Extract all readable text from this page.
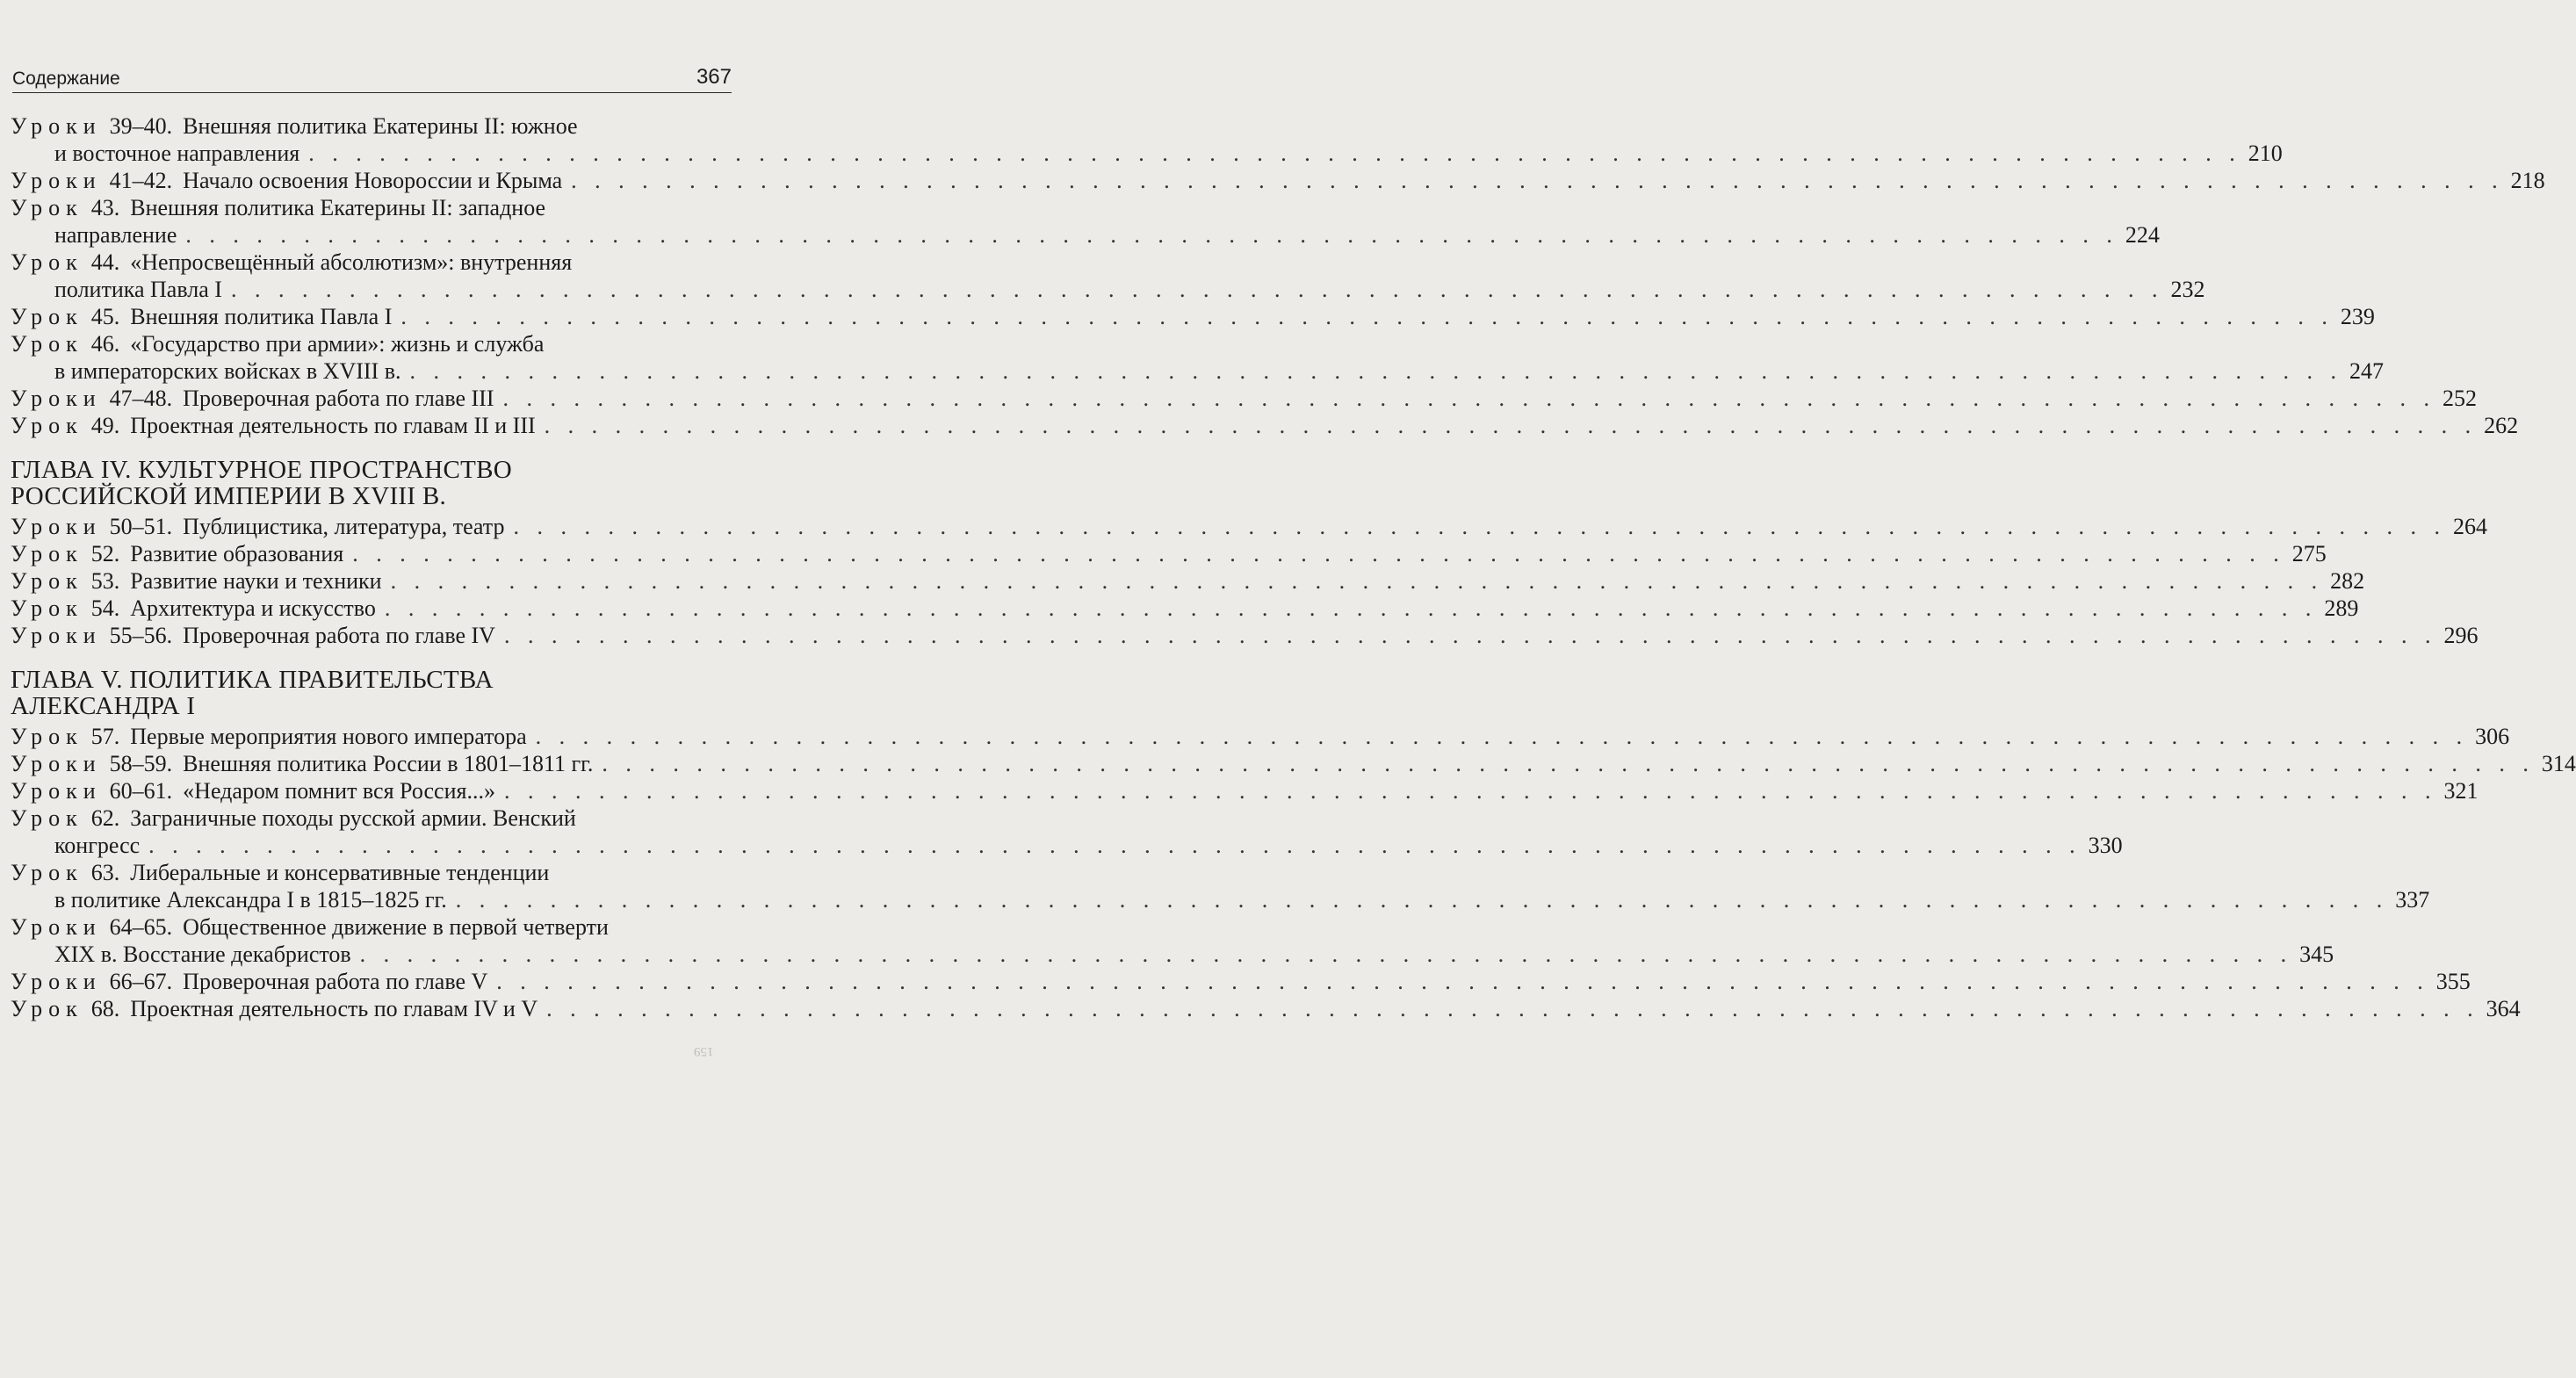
Содержание	367
Уроки 39–40. Внешняя политика Екатерины II: южное
и восточное направления . . . . . . . . . . . . . . . . . . . . . . . . . . . . . . . . . . . . . . . . . . . . . . . . . . . . . . . . . . . . . . . . . . . . . . . . . . . . . . . . . . 210
Уроки 41–42. Начало освоения Новороссии и Крыма . . . . . . . . . . . . . . . . . . . . . . . . . . . . . . . . . . . . . . . . . . . . . . . . . . . . . . . . . . . . . . . . . . . . . . . . . . . . . . . . . . 218
Урок 43. Внешняя политика Екатерины II: западное
направление . . . . . . . . . . . . . . . . . . . . . . . . . . . . . . . . . . . . . . . . . . . . . . . . . . . . . . . . . . . . . . . . . . . . . . . . . . . . . . . . . . 224
Урок 44. «Непросвещённый абсолютизм»: внутренняя
политика Павла I . . . . . . . . . . . . . . . . . . . . . . . . . . . . . . . . . . . . . . . . . . . . . . . . . . . . . . . . . . . . . . . . . . . . . . . . . . . . . . . . . . 232
Урок 45. Внешняя политика Павла I . . . . . . . . . . . . . . . . . . . . . . . . . . . . . . . . . . . . . . . . . . . . . . . . . . . . . . . . . . . . . . . . . . . . . . . . . . . . . . . . . . 239
Урок 46. «Государство при армии»: жизнь и служба
в императорских войсках в XVIII в. . . . . . . . . . . . . . . . . . . . . . . . . . . . . . . . . . . . . . . . . . . . . . . . . . . . . . . . . . . . . . . . . . . . . . . . . . . . . . . . . . . 247
Уроки 47–48. Проверочная работа по главе III . . . . . . . . . . . . . . . . . . . . . . . . . . . . . . . . . . . . . . . . . . . . . . . . . . . . . . . . . . . . . . . . . . . . . . . . . . . . . . . . . . 252
Урок 49. Проектная деятельность по главам II и III . . . . . . . . . . . . . . . . . . . . . . . . . . . . . . . . . . . . . . . . . . . . . . . . . . . . . . . . . . . . . . . . . . . . . . . . . . . . . . . . . . 262
ГЛАВА IV. КУЛЬТУРНОЕ ПРОСТРАНСТВО
РОССИЙСКОЙ ИМПЕРИИ В XVIII В.
Уроки 50–51. Публицистика, литература, театр . . . . . . . . . . . . . . . . . . . . . . . . . . . . . . . . . . . . . . . . . . . . . . . . . . . . . . . . . . . . . . . . . . . . . . . . . . . . . . . . . . 264
Урок 52. Развитие образования . . . . . . . . . . . . . . . . . . . . . . . . . . . . . . . . . . . . . . . . . . . . . . . . . . . . . . . . . . . . . . . . . . . . . . . . . . . . . . . . . . 275
Урок 53. Развитие науки и техники . . . . . . . . . . . . . . . . . . . . . . . . . . . . . . . . . . . . . . . . . . . . . . . . . . . . . . . . . . . . . . . . . . . . . . . . . . . . . . . . . . 282
Урок 54. Архитектура и искусство . . . . . . . . . . . . . . . . . . . . . . . . . . . . . . . . . . . . . . . . . . . . . . . . . . . . . . . . . . . . . . . . . . . . . . . . . . . . . . . . . . 289
Уроки 55–56. Проверочная работа по главе IV . . . . . . . . . . . . . . . . . . . . . . . . . . . . . . . . . . . . . . . . . . . . . . . . . . . . . . . . . . . . . . . . . . . . . . . . . . . . . . . . . . 296
ГЛАВА V. ПОЛИТИКА ПРАВИТЕЛЬСТВА
АЛЕКСАНДРА I
Урок 57. Первые мероприятия нового императора . . . . . . . . . . . . . . . . . . . . . . . . . . . . . . . . . . . . . . . . . . . . . . . . . . . . . . . . . . . . . . . . . . . . . . . . . . . . . . . . . . 306
Уроки 58–59. Внешняя политика России в 1801–1811 гг. . . . . . . . . . . . . . . . . . . . . . . . . . . . . . . . . . . . . . . . . . . . . . . . . . . . . . . . . . . . . . . . . . . . . . . . . . . . . . . . . . . 314
Уроки 60–61. «Недаром помнит вся Россия...» . . . . . . . . . . . . . . . . . . . . . . . . . . . . . . . . . . . . . . . . . . . . . . . . . . . . . . . . . . . . . . . . . . . . . . . . . . . . . . . . . . 321
Урок 62. Заграничные походы русской армии. Венский
конгресс . . . . . . . . . . . . . . . . . . . . . . . . . . . . . . . . . . . . . . . . . . . . . . . . . . . . . . . . . . . . . . . . . . . . . . . . . . . . . . . . . . 330
Урок 63. Либеральные и консервативные тенденции
в политике Александра I в 1815–1825 гг. . . . . . . . . . . . . . . . . . . . . . . . . . . . . . . . . . . . . . . . . . . . . . . . . . . . . . . . . . . . . . . . . . . . . . . . . . . . . . . . . . . 337
Уроки 64–65. Общественное движение в первой четверти
XIX в. Восстание декабристов . . . . . . . . . . . . . . . . . . . . . . . . . . . . . . . . . . . . . . . . . . . . . . . . . . . . . . . . . . . . . . . . . . . . . . . . . . . . . . . . . . 345
Уроки 66–67. Проверочная работа по главе V . . . . . . . . . . . . . . . . . . . . . . . . . . . . . . . . . . . . . . . . . . . . . . . . . . . . . . . . . . . . . . . . . . . . . . . . . . . . . . . . . . 355
Урок 68. Проектная деятельность по главам IV и V . . . . . . . . . . . . . . . . . . . . . . . . . . . . . . . . . . . . . . . . . . . . . . . . . . . . . . . . . . . . . . . . . . . . . . . . . . . . . . . . . . 364
159
